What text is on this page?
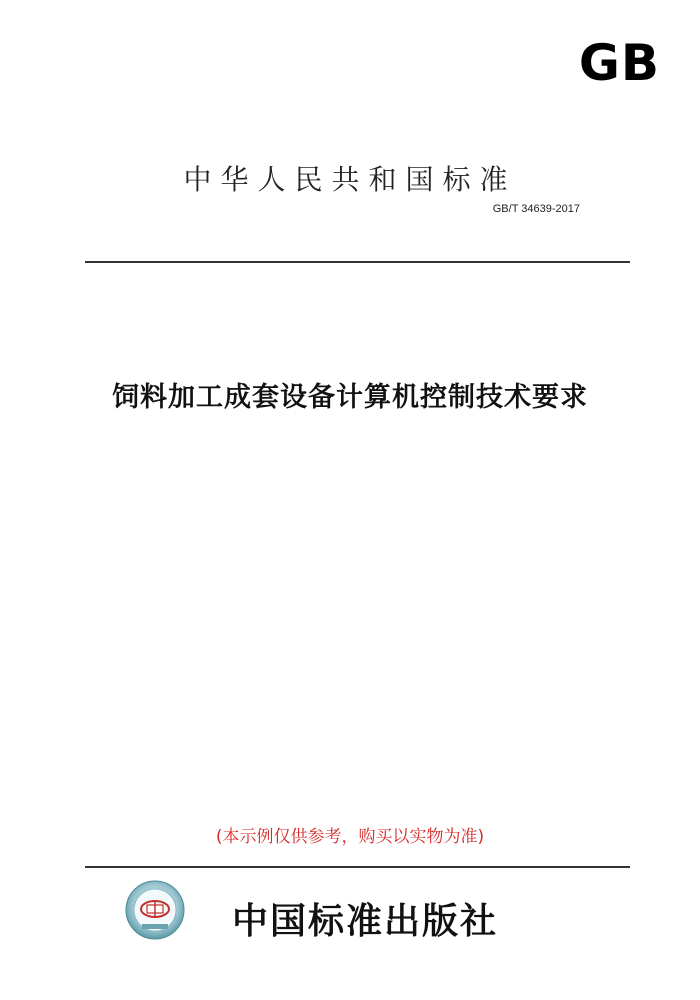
GB
中华人民共和国标准
GB/T 34639-2017
饲料加工成套设备计算机控制技术要求
(本示例仅供参考，购买以实物为准)
中国标准出版社
